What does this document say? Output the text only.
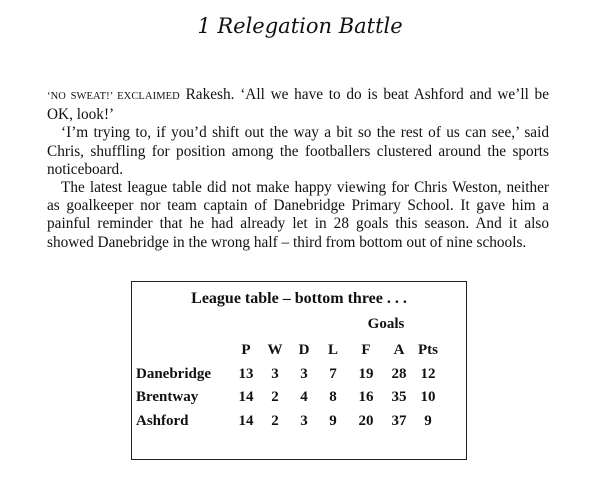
1 Relegation Battle

‘NO SWEAT!’ EXCLAIMED Rakesh. ‘All we have to do is beat Ashford and we’ll be OK, look!’

‘I’m trying to, if you’d shift out the way a bit so the rest of us can see,’ said Chris, shuffling for position among the footballers clustered around the sports noticeboard.

The latest league table did not make happy viewing for Chris Weston, neither as goalkeeper nor team captain of Danebridge Primary School. It gave him a painful reminder that he had already let in 28 goals this season. And it also showed Danebridge in the wrong half – third from bottom out of nine schools.

League table – bottom three . . .
Goals
	P	W	D	L	F	A	Pts
Danebridge	13	3	3	7	19	28	12
Brentway	14	2	4	8	16	35	10
Ashford	14	2	3	9	20	37	9
